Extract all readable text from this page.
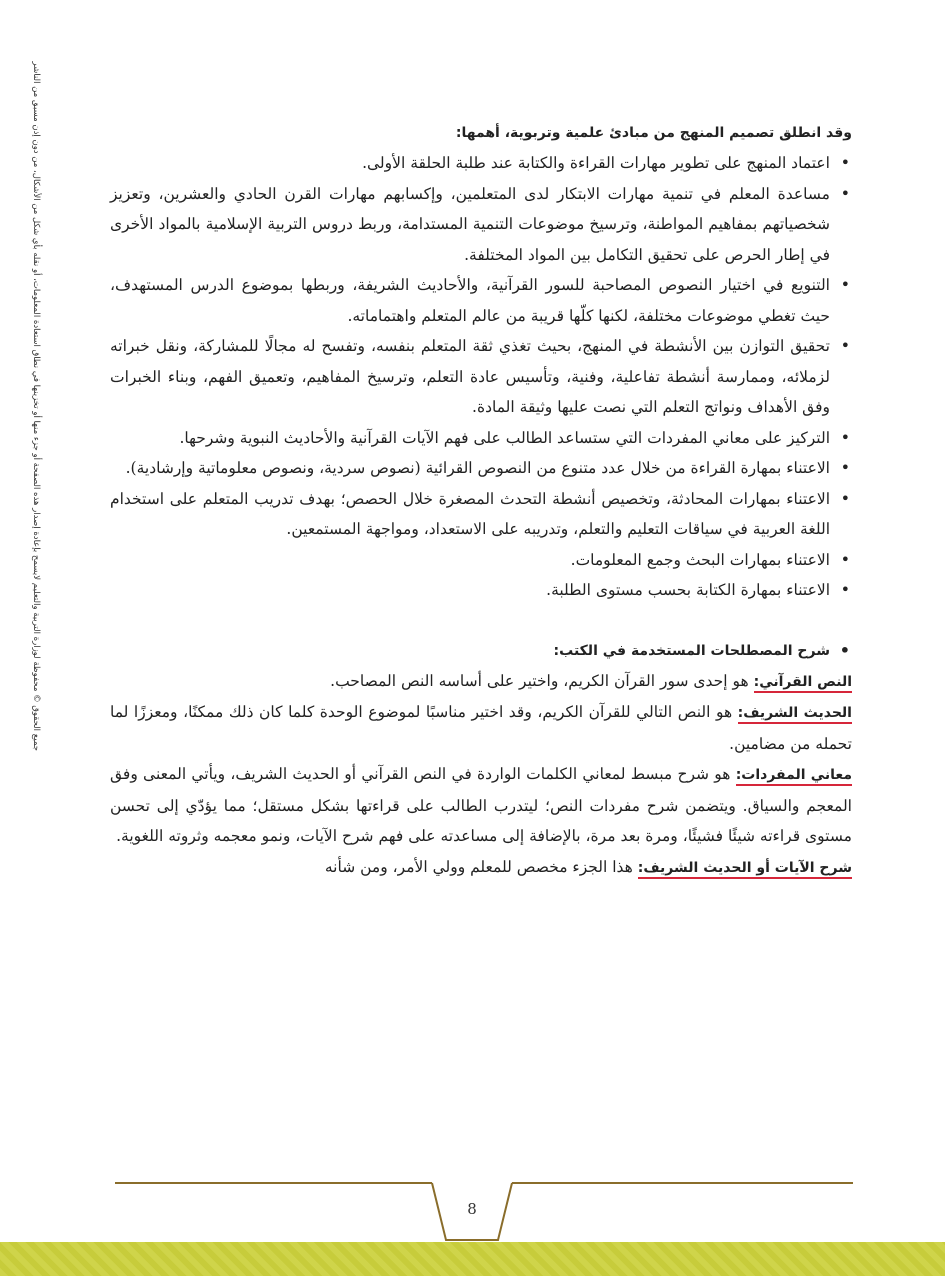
وقد انطلق تصميم المنهج من مبادئ علمية وتربوية، أهمها:

• اعتماد المنهج على تطوير مهارات القراءة والكتابة عند طلبة الحلقة الأولى.
• مساعدة المعلم في تنمية مهارات الابتكار لدى المتعلمين، وإكسابهم مهارات القرن الحادي والعشرين، وتعزيز شخصياتهم بمفاهيم المواطنة، وترسيخ موضوعات التنمية المستدامة، وربط دروس التربية الإسلامية بالمواد الأخرى في إطار الحرص على تحقيق التكامل بين المواد المختلفة.
• التنويع في اختيار النصوص المصاحبة للسور القرآنية، والأحاديث الشريفة، وربطها بموضوع الدرس المستهدف، حيث تغطي موضوعات مختلفة، لكنها كلّها قريبة من عالم المتعلم واهتماماته.
• تحقيق التوازن بين الأنشطة في المنهج، بحيث تغذي ثقة المتعلم بنفسه، وتفسح له مجالًا للمشاركة، ونقل خبراته لزملائه، وممارسة أنشطة تفاعلية، وفنية، وتأسيس عادة التعلم، وترسيخ المفاهيم، وتعميق الفهم، وبناء الخبرات وفق الأهداف ونواتج التعلم التي نصت عليها وثيقة المادة.
• التركيز على معاني المفردات التي ستساعد الطالب على فهم الآيات القرآنية والأحاديث النبوية وشرحها.
• الاعتناء بمهارة القراءة من خلال عدد متنوع من النصوص القرائية (نصوص سردية، ونصوص معلوماتية وإرشادية).
• الاعتناء بمهارات المحادثة، وتخصيص أنشطة التحدث المصغرة خلال الحصص؛ بهدف تدريب المتعلم على استخدام اللغة العربية في سياقات التعليم والتعلم، وتدريبه على الاستعداد، ومواجهة المستمعين.
• الاعتناء بمهارات البحث وجمع المعلومات.
• الاعتناء بمهارة الكتابة بحسب مستوى الطلبة.
• شرح المصطلحات المستخدمة في الكتب:

النص القرآني: هو إحدى سور القرآن الكريم، واختير على أساسه النص المصاحب.

الحديث الشريف: هو النص التالي للقرآن الكريم، وقد اختير مناسبًا لموضوع الوحدة كلما كان ذلك ممكنًا، ومعززًا لما تحمله من مضامين.

معاني المفردات: هو شرح مبسط لمعاني الكلمات الواردة في النص القرآني أو الحديث الشريف، ويأتي المعنى وفق المعجم والسياق. ويتضمن شرح مفردات النص؛ ليتدرب الطالب على قراءتها بشكل مستقل؛ مما يؤدّي إلى تحسن مستوى قراءته شيئًا فشيئًا، ومرة بعد مرة، بالإضافة إلى مساعدته على فهم شرح الآيات، ونمو معجمه وثروته اللغوية.

شرح الآيات أو الحديث الشريف: هذا الجزء مخصص للمعلم وولي الأمر، ومن شأنه

جميع الحقوق © محفوظة لوزارة التربية والتعليم لايسمح بإعادة إصدار هذه الصفحة أو جزء منها أو تخزينها في نطاق استعادة المعلومات، أو نقله بأي شكل من الأشكال، من دون إذن مسبق من الناشر
8
